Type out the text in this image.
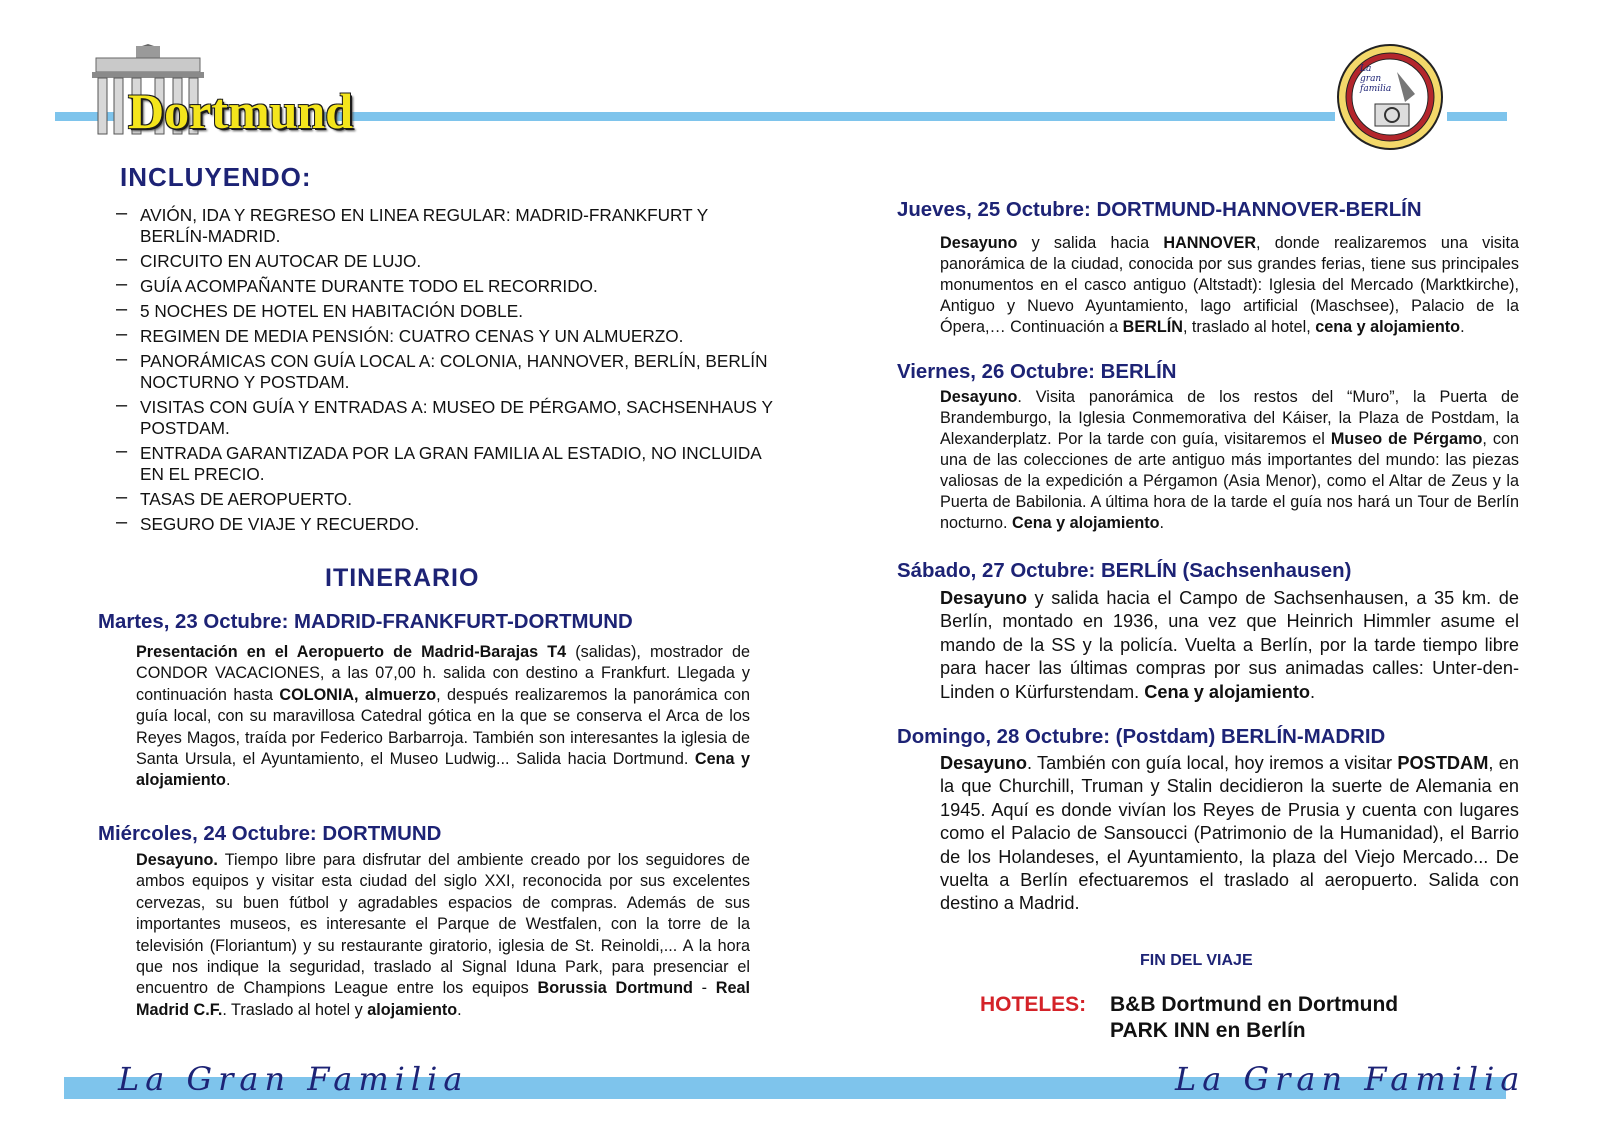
Dortmund
La gran familia
INCLUYENDO:
– AVIÓN, IDA Y REGRESO EN LINEA REGULAR: MADRID-FRANKFURT Y BERLÍN-MADRID.
– CIRCUITO EN AUTOCAR DE LUJO.
– GUÍA ACOMPAÑANTE DURANTE TODO EL RECORRIDO.
– 5 NOCHES DE HOTEL EN HABITACIÓN DOBLE.
– REGIMEN DE MEDIA PENSIÓN: CUATRO CENAS Y UN ALMUERZO.
– PANORÁMICAS CON GUÍA LOCAL A: COLONIA, HANNOVER, BERLÍN, BERLÍN NOCTURNO Y POSTDAM.
– VISITAS CON GUÍA Y ENTRADAS A: MUSEO DE PÉRGAMO, SACHSENHAUS Y POSTDAM.
– ENTRADA GARANTIZADA POR LA GRAN FAMILIA AL ESTADIO, NO INCLUIDA EN EL PRECIO.
– TASAS DE AEROPUERTO.
– SEGURO DE VIAJE Y RECUERDO.
ITINERARIO
Martes, 23 Octubre: MADRID-FRANKFURT-DORTMUND
Presentación en el Aeropuerto de Madrid-Barajas T4 (salidas), mostrador de CONDOR VACACIONES, a las 07,00 h. salida con destino a Frankfurt. Llegada y continuación hasta COLONIA, almuerzo, después realizaremos la panorámica con guía local, con su maravillosa Catedral gótica en la que se conserva el Arca de los Reyes Magos, traída por Federico Barbarroja. También son interesantes la iglesia de Santa Ursula, el Ayuntamiento, el Museo Ludwig... Salida hacia Dortmund. Cena y alojamiento.
Miércoles, 24 Octubre: DORTMUND
Desayuno. Tiempo libre para disfrutar del ambiente creado por los seguidores de ambos equipos y visitar esta ciudad del siglo XXI, reconocida por sus excelentes cervezas, su buen fútbol y agradables espacios de compras. Además de sus importantes museos, es interesante el Parque de Westfalen, con la torre de la televisión (Floriantum) y su restaurante giratorio, iglesia de St. Reinoldi,... A la hora que nos indique la seguridad, traslado al Signal Iduna Park, para presenciar el encuentro de Champions League entre los equipos Borussia Dortmund - Real Madrid C.F.. Traslado al hotel y alojamiento.
Jueves, 25 Octubre: DORTMUND-HANNOVER-BERLÍN
Desayuno y salida hacia HANNOVER, donde realizaremos una visita panorámica de la ciudad, conocida por sus grandes ferias, tiene sus principales monumentos en el casco antiguo (Altstadt): Iglesia del Mercado (Marktkirche), Antiguo y Nuevo Ayuntamiento, lago artificial (Maschsee), Palacio de la Ópera,… Continuación a BERLÍN, traslado al hotel, cena y alojamiento.
Viernes, 26 Octubre: BERLÍN
Desayuno. Visita panorámica de los restos del “Muro”, la Puerta de Brandemburgo, la Iglesia Conmemorativa del Káiser, la Plaza de Postdam, la Alexanderplatz. Por la tarde con guía, visitaremos el Museo de Pérgamo, con una de las colecciones de arte antiguo más importantes del mundo: las piezas valiosas de la expedición a Pérgamon (Asia Menor), como el Altar de Zeus y la Puerta de Babilonia. A última hora de la tarde el guía nos hará un Tour de Berlín nocturno. Cena y alojamiento.
Sábado, 27 Octubre: BERLÍN (Sachsenhausen)
Desayuno y salida hacia el Campo de Sachsenhausen, a 35 km. de Berlín, montado en 1936, una vez que Heinrich Himmler asume el mando de la SS y la policía. Vuelta a Berlín, por la tarde tiempo libre para hacer las últimas compras por sus animadas calles: Unter-den-Linden o Kürfurstendam. Cena y alojamiento.
Domingo, 28 Octubre: (Postdam) BERLÍN-MADRID
Desayuno. También con guía local, hoy iremos a visitar POSTDAM, en la que Churchill, Truman y Stalin decidieron la suerte de Alemania en 1945. Aquí es donde vivían los Reyes de Prusia y cuenta con lugares como el Palacio de Sansoucci (Patrimonio de la Humanidad), el Barrio de los Holandeses, el Ayuntamiento, la plaza del Viejo Mercado... De vuelta a Berlín efectuaremos el traslado al aeropuerto. Salida con destino a Madrid.
FIN DEL VIAJE
HOTELES: B&B Dortmund en Dortmund
PARK INN en Berlín
La Gran Familia	La Gran Familia
